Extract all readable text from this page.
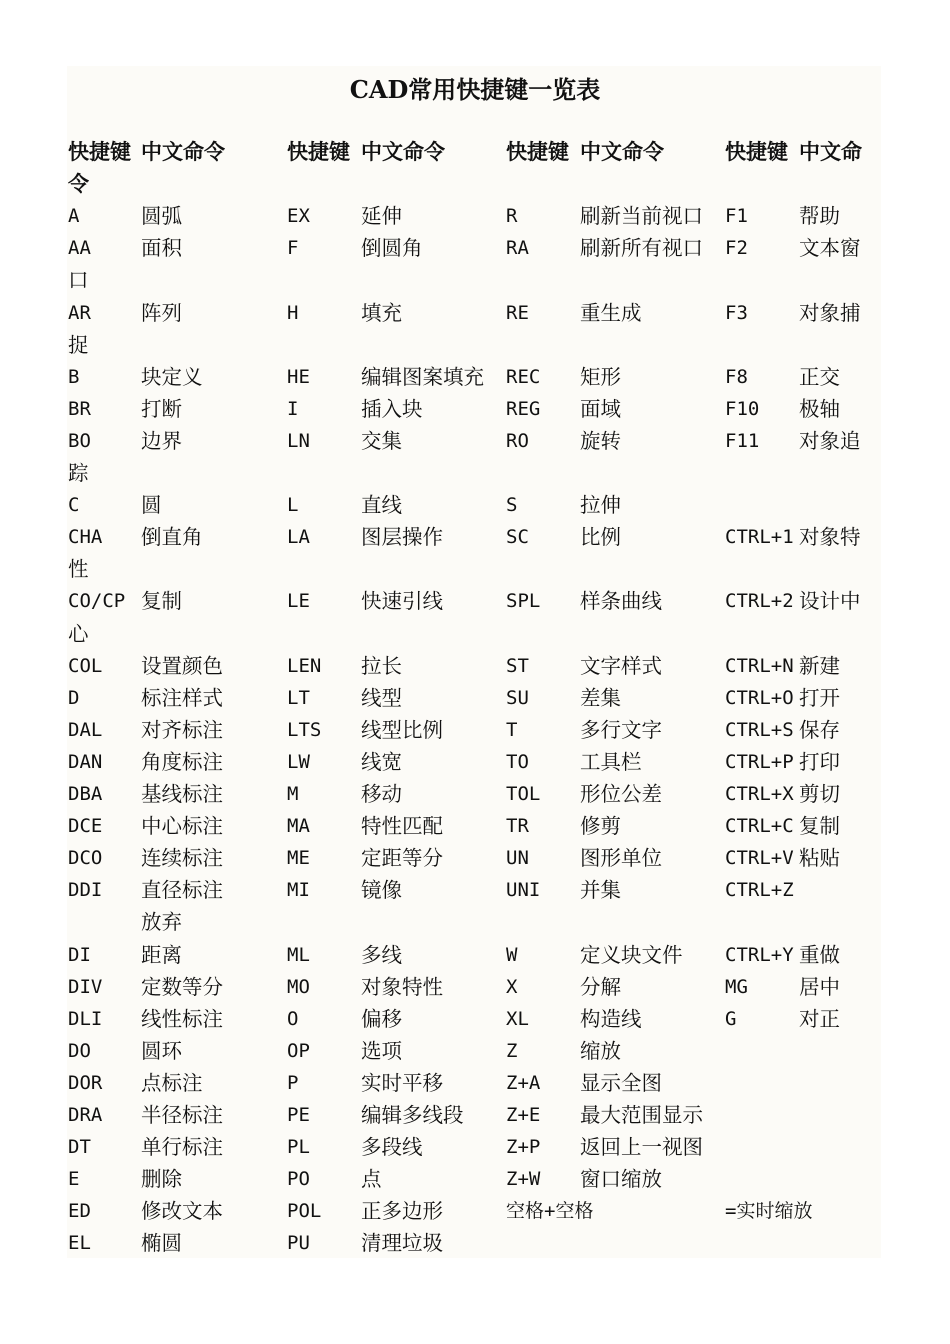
CAD常用快捷键一览表
快捷键 中文命令	快捷键 中文命令	快捷键 中文命令	快捷键 中文命
令
A	圆弧	EX 延伸	R	刷新当前视口 F1 帮助
AA 面积	F	倒圆角	RA 刷新所有视口 F2 文本窗
口
AR 阵列	H	填充	RE 重生成	F3 对象捕
捉
B	块定义	HE 编辑图案填充 REC 矩形	F8 正交
BR 打断	I	插入块	REG 面域	F10 极轴
BO 边界	LN 交集	RO 旋转	F11 对象追
踪
C	圆	L	直线	S	拉伸
CHA 倒直角	LA 图层操作	SC 比例	CTRL+1 对象特
性
CO/CP 复制	LE 快速引线	SPL 样条曲线	CTRL+2 设计中
心
COL 设置颜色	LEN 拉长	ST 文字样式	CTRL+N 新建
D	标注样式	LT 线型	SU 差集	CTRL+O 打开
DAL 对齐标注	LTS 线型比例	T	多行文字	CTRL+S 保存
DAN 角度标注	LW 线宽	TO 工具栏	CTRL+P 打印
DBA 基线标注	M	移动	TOL 形位公差	CTRL+X 剪切
DCE 中心标注	MA 特性匹配	TR 修剪	CTRL+C 复制
DCO 连续标注	ME 定距等分	UN 图形单位	CTRL+V 粘贴
DDI 直径标注	MI 镜像	UNI 并集	CTRL+Z
放弃
DI 距离	ML 多线	W	定义块文件 CTRL+Y 重做
DIV 定数等分	MO 对象特性	X	分解	MG 居中
DLI 线性标注	O	偏移	XL 构造线	G	对正
DO 圆环	OP 选项	Z	缩放
DOR 点标注	P	实时平移	Z+A 显示全图
DRA 半径标注	PE 编辑多线段 Z+E 最大范围显示
DT 单行标注	PL 多段线	Z+P 返回上一视图
E	删除	PO 点	Z+W 窗口缩放
ED 修改文本	POL 正多边形	空格+空格	=实时缩放
EL 椭圆	PU 清理垃圾
